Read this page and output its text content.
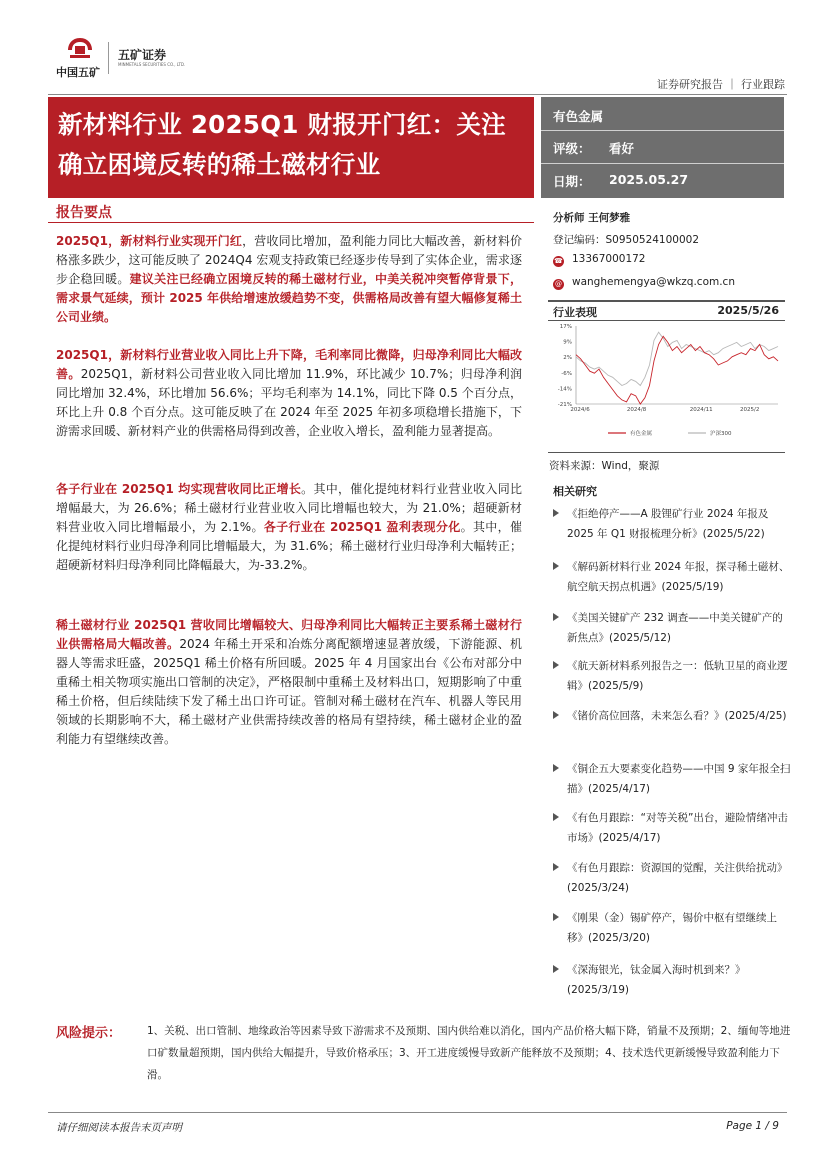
中国五矿
五矿证券
MINMETALS SECURITIES CO., LTD.
证券研究报告 ｜ 行业跟踪
新材料行业 2025Q1 财报开门红：关注
确立困境反转的稀土磁材行业
有色金属
评级： 看好
日期： 2025.05.27
报告要点
2025Q1，新材料行业实现开门红，营收同比增加，盈利能力同比大幅改善，新材料价格涨多跌少，这可能反映了 2024Q4 宏观支持政策已经逐步传导到了实体企业，需求逐步企稳回暖。建议关注已经确立困境反转的稀土磁材行业，中美关税冲突暂停背景下，需求景气延续，预计 2025 年供给增速放缓趋势不变，供需格局改善有望大幅修复稀土公司业绩。
2025Q1，新材料行业营业收入同比上升下降，毛利率同比微降，归母净利同比大幅改善。2025Q1，新材料公司营业收入同比增加 11.9%，环比减少 10.7%；归母净利润同比增加 32.4%，环比增加 56.6%；平均毛利率为 14.1%，同比下降 0.5 个百分点，环比上升 0.8 个百分点。这可能反映了在 2024 年至 2025 年初多项稳增长措施下，下游需求回暖、新材料产业的供需格局得到改善，企业收入增长，盈利能力显著提高。
各子行业在 2025Q1 均实现营收同比正增长。其中，催化提纯材料行业营业收入同比增幅最大，为 26.6%；稀土磁材行业营业收入同比增幅也较大，为 21.0%；超硬新材料营业收入同比增幅最小，为 2.1%。各子行业在 2025Q1 盈利表现分化。其中，催化提纯材料行业归母净利同比增幅最大，为 31.6%；稀土磁材行业归母净利大幅转正；超硬新材料归母净利同比降幅最大，为-33.2%。
稀土磁材行业 2025Q1 营收同比增幅较大、归母净利同比大幅转正主要系稀土磁材行业供需格局大幅改善。2024 年稀土开采和冶炼分离配额增速显著放缓，下游能源、机器人等需求旺盛，2025Q1 稀土价格有所回暖。2025 年 4 月国家出台《公布对部分中重稀土相关物项实施出口管制的决定》，严格限制中重稀土及材料出口，短期影响了中重稀土价格，但后续陆续下发了稀土出口许可证。管制对稀土磁材在汽车、机器人等民用领域的长期影响不大，稀土磁材产业供需持续改善的格局有望持续，稀土磁材企业的盈利能力有望继续改善。
分析师 王何梦雅
登记编码：S0950524100002
☎ 13367000172
@ wanghemengya@wkzq.com.cn
行业表现	2025/5/26
17%
9%
2%
-6%
-14%
-21%
2024/6	2024/8	2024/11	2025/2
有色金属	沪深300
资料来源：Wind，聚源
相关研究
《拒绝停产——A 股锂矿行业 2024 年报及 2025 年 Q1 财报梳理分析》(2025/5/22)
《解码新材料行业 2024 年报，探寻稀土磁材、航空航天拐点机遇》(2025/5/19)
《美国关键矿产 232 调查——中美关键矿产的新焦点》(2025/5/12)
《航天新材料系列报告之一：低轨卫星的商业逻辑》(2025/5/9)
《锗价高位回落，未来怎么看？》(2025/4/25)
《铜企五大要素变化趋势——中国 9 家年报全扫描》(2025/4/17)
《有色月跟踪：“对等关税”出台，避险情绪冲击市场》(2025/4/17)
《有色月跟踪：资源国的觉醒，关注供给扰动》(2025/3/24)
《刚果（金）锡矿停产，锡价中枢有望继续上移》(2025/3/20)
《深海银光，钛金属入海时机到来？》(2025/3/19)
风险提示： 1、关税、出口管制、地缘政治等因素导致下游需求不及预期、国内供给难以消化，国内产品价格大幅下降，销量不及预期；2、缅甸等地进口矿数量超预期，国内供给大幅提升，导致价格承压；3、开工进度缓慢导致新产能释放不及预期；4、技术迭代更新缓慢导致盈利能力下滑。
请仔细阅读本报告末页声明	Page 1 / 9
